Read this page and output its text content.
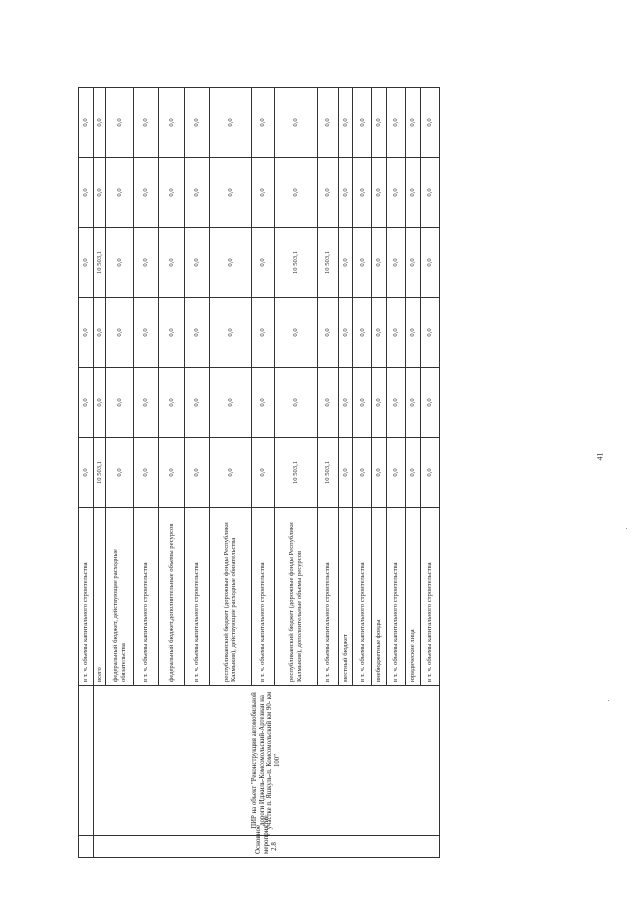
		в т. ч. объемы капитального строительства	0,0	0,0	0,0	0,0	0,0	0,0
Основное мероприятие 2.8	ПИР на объект "Реконструкция автомобильной дороги Иджиль-Комсомольский-Артезиан на участке п. Яшкуль-п. Комсомольский км 90- км 100"	всего	10 503,1	0,0	0,0	10 503,1	0,0	0,0
		федеральный бюджет, действующие расходные обязательства	0,0	0,0	0,0	0,0	0,0	0,0
		в т. ч. объемы капитального строительства	0,0	0,0	0,0	0,0	0,0	0,0
		федеральный бюджет,дополнительные объемы ресурсов	0,0	0,0	0,0	0,0	0,0	0,0
		в т. ч. объемы капитального строительства	0,0	0,0	0,0	0,0	0,0	0,0
		республиканский бюджет (дорожные фонды Республики Калмыкия), действующие расходные обязательства	0,0	0,0	0,0	0,0	0,0	0,0
		в т. ч. объемы капитального строительства	0,0	0,0	0,0	0,0	0,0	0,0
		республиканский бюджет (дорожные фонды Республики Калмыкия), дополнительные объемы ресурсов	10 503,1	0,0	0,0	10 503,1	0,0	0,0
		в т. ч. объемы капитального строительства	10 503,1	0,0	0,0	10 503,1	0,0	0,0
		местный бюджет	0,0	0,0	0,0	0,0	0,0	0,0
		в т. ч. объемы капитального строительства	0,0	0,0	0,0	0,0	0,0	0,0
		внебюджетные фонды	0,0	0,0	0,0	0,0	0,0	0,0
		в т. ч. объемы капитального строительства	0,0	0,0	0,0	0,0	0,0	0,0
		юридические лица	0,0	0,0	0,0	0,0	0,0	0,0
		в т. ч. объемы капитального строительства	0,0	0,0	0,0	0,0	0,0	0,0
41
